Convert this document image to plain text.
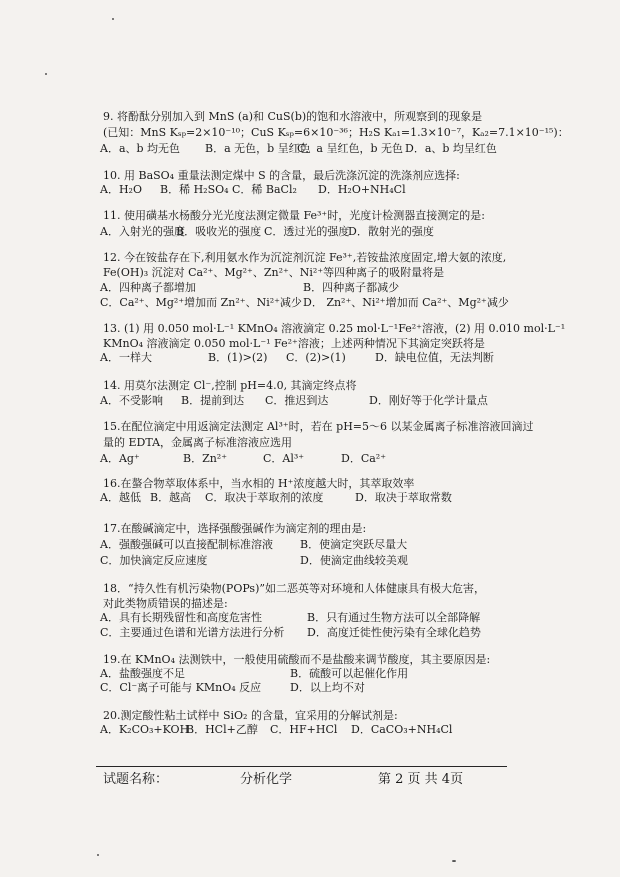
9. 将酚酞分别加入到 MnS (a)和 CuS(b)的饱和水溶液中，所观察到的现象是
(已知：MnS Kₛₚ=2×10⁻¹⁰；CuS Kₛₚ=6×10⁻³⁶；H₂S Kₐ₁=1.3×10⁻⁷，Kₐ₂=7.1×10⁻¹⁵)：
A．a、b 均无色 B．a 无色，b 呈红色
C．a 呈红色，b 无色 D．a、b 均呈红色
10. 用 BaSO₄ 重量法测定煤中 S 的含量，最后洗涤沉淀的洗涤剂应选择:
A．H₂O B．稀 H₂SO₄ C．稀 BaCl₂ D．H₂O+NH₄Cl
11. 使用磺基水杨酸分光光度法测定微量 Fe³⁺时，光度计检测器直接测定的是:
A．入射光的强度
B．吸收光的强度 C．透过光的强度
D．散射光的强度
12. 今在铵盐存在下,利用氨水作为沉淀剂沉淀 Fe³⁺,若铵盐浓度固定,增大氨的浓度,
Fe(OH)₃ 沉淀对 Ca²⁺、Mg²⁺、Zn²⁺、Ni²⁺等四种离子的吸附量将是
A．四种离子都增加	B．四种离子都减少
C．Ca²⁺、Mg²⁺增加而 Zn²⁺、Ni²⁺减少 D． Zn²⁺、Ni²⁺增加而 Ca²⁺、Mg²⁺减少
13. (1) 用 0.050 mol·L⁻¹ KMnO₄ 溶液滴定 0.25 mol·L⁻¹Fe²⁺溶液，(2) 用 0.010 mol·L⁻¹
KMnO₄ 溶液滴定 0.050 mol·L⁻¹ Fe²⁺溶液；上述两种情况下其滴定突跃将是
A．一样大	B．(1)>(2) C．(2)>(1)	D．缺电位值，无法判断
14. 用莫尔法测定 Cl⁻,控制 pH=4.0, 其滴定终点将
A．不受影响 B．提前到达 C．推迟到达	D．刚好等于化学计量点
15.在配位滴定中用返滴定法测定 Al³⁺时，若在 pH=5～6 以某金属离子标准溶液回滴过
量的 EDTA，金属离子标准溶液应选用
A．Ag⁺	B．Zn²⁺	C．Al³⁺	D．Ca²⁺
16.在螯合物萃取体系中，当水相的 H⁺浓度越大时，其萃取效率
A．越低 B．越高 C．取决于萃取剂的浓度	D．取决于萃取常数
17.在酸碱滴定中，选择强酸强碱作为滴定剂的理由是:
A．强酸强碱可以直接配制标准溶液 B．使滴定突跃尽量大
C．加快滴定反应速度	D．使滴定曲线较美观
18．“持久性有机污染物(POPs)”如二恶英等对环境和人体健康具有极大危害，
对此类物质错误的描述是:
A．具有长期残留性和高度危害性	B．只有通过生物方法可以全部降解
C．主要通过色谱和光谱方法进行分析 D．高度迁徙性使污染有全球化趋势
19.在 KMnO₄ 法测铁中，一般使用硫酸而不是盐酸来调节酸度，其主要原因是:
A．盐酸强度不足	B．硫酸可以起催化作用
C．Cl⁻离子可能与 KMnO₄ 反应	D．以上均不对
20.测定酸性粘土试样中 SiO₂ 的含量，宜采用的分解试剂是:
A．K₂CO₃+KOH
B．HCl+乙醇 C．HF+HCl D．CaCO₃+NH₄Cl
试题名称：	分析化学	第 2 页 共 4页
